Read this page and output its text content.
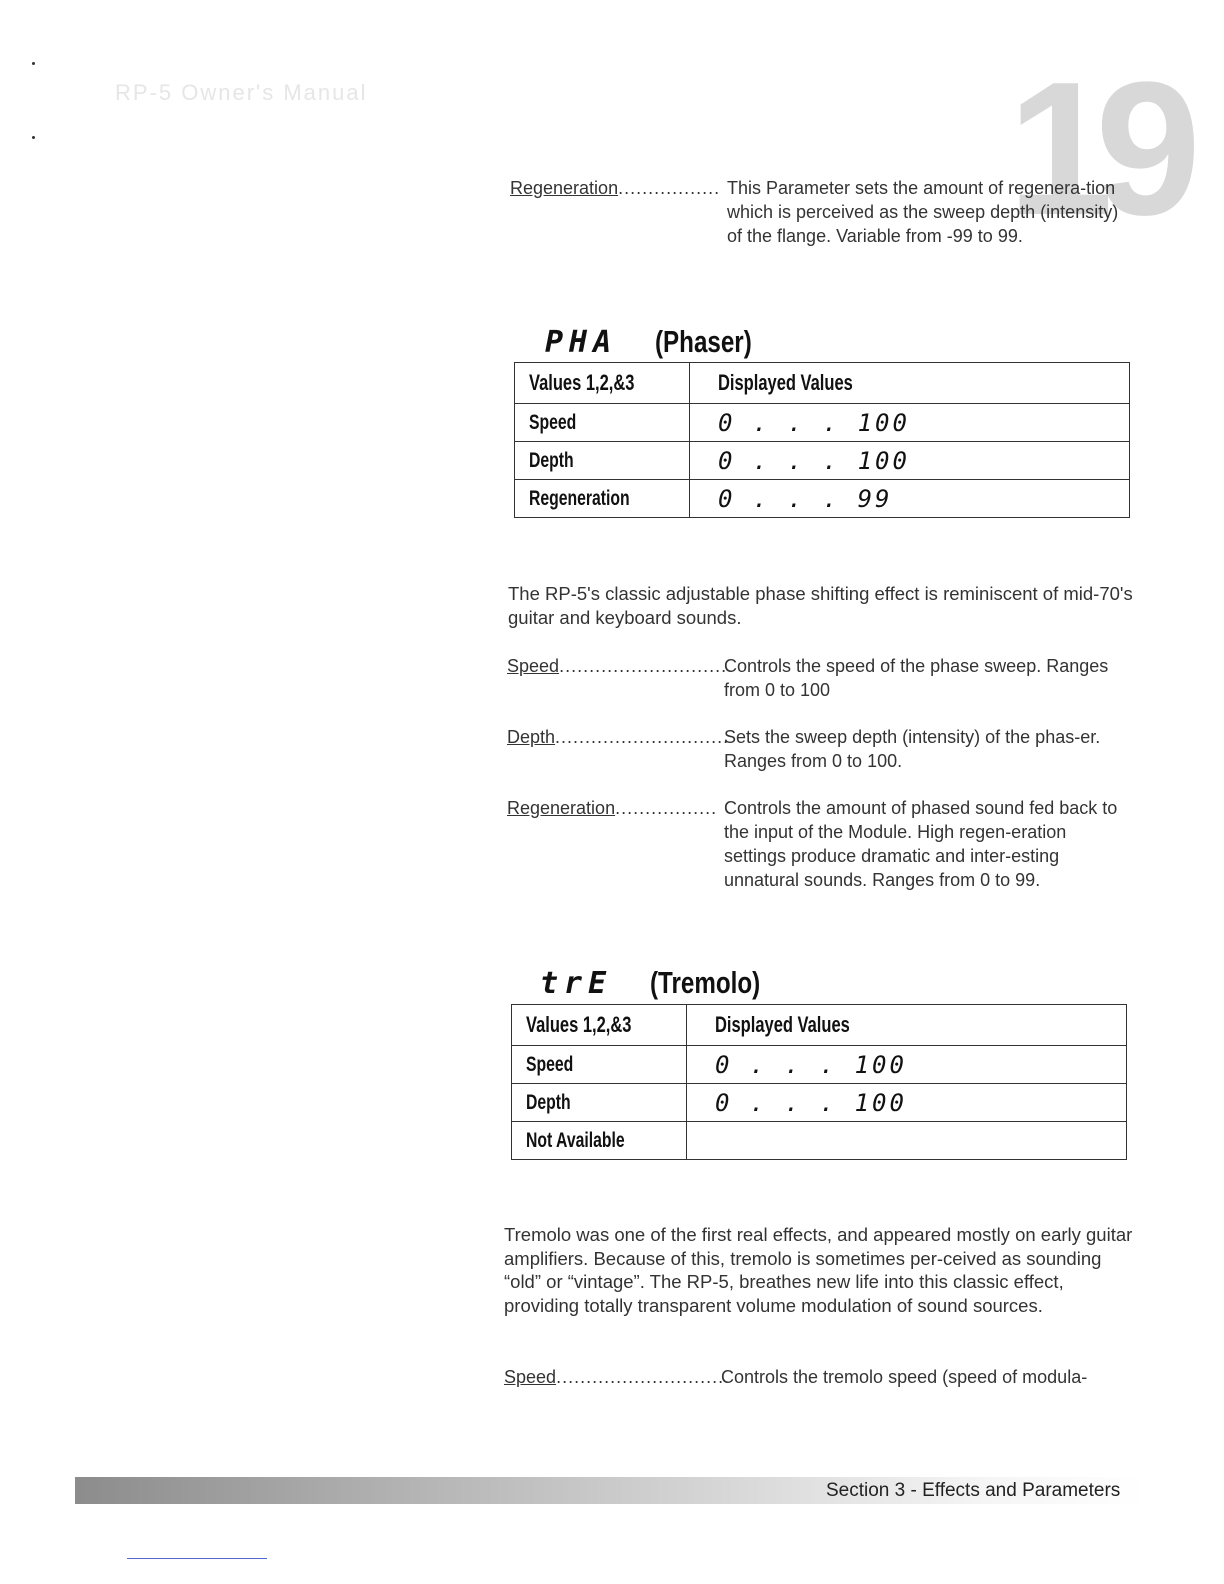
RP-5 Owner's Manual	19
Regeneration................. This Parameter sets the amount of regenera-tion which is perceived as the sweep depth (intensity) of the flange. Variable from -99 to 99.
PHA	(Phaser)
Values 1,2,&3	Displayed Values
Speed	0 . . . 100
Depth	0 . . . 100
Regeneration	0 . . . 99
The RP-5's classic adjustable phase shifting effect is reminiscent of mid-70's guitar and keyboard sounds.
Speed............................
Controls the speed of the phase sweep. Ranges from 0 to 100
Depth.............................
Sets the sweep depth (intensity) of the phas-er. Ranges from 0 to 100.
Regeneration................. Controls the amount of phased sound fed back to the input of the Module. High regen-eration settings produce dramatic and inter-esting unnatural sounds. Ranges from 0 to 99.
trE	(Tremolo)
Values 1,2,&3	Displayed Values
Speed	0 . . . 100
Depth	0 . . . 100
Not Available	
Tremolo was one of the first real effects, and appeared mostly on early guitar amplifiers. Because of this, tremolo is sometimes per-ceived as sounding “old” or “vintage”. The RP-5, breathes new life into this classic effect, providing totally transparent volume modulation of sound sources.
Speed............................
Controls the tremolo speed (speed of modula-
Section 3 - Effects and Parameters
